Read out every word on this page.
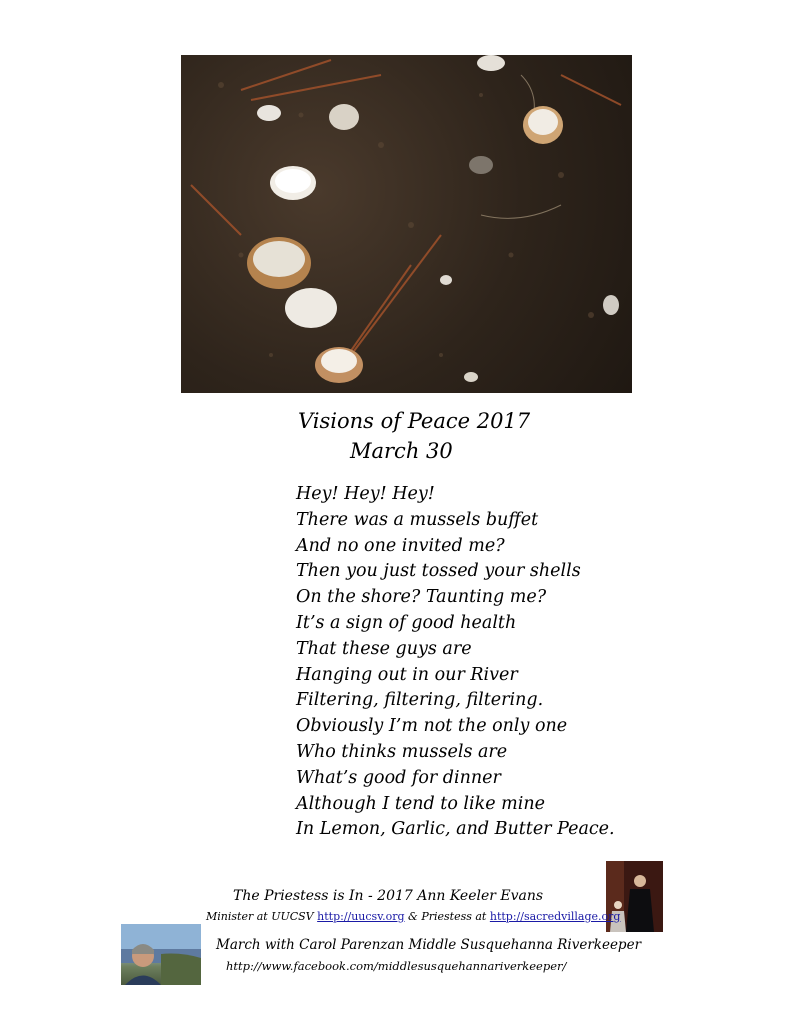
Visions of Peace 2017
March 30
Hey! Hey! Hey!
There was a mussels buffet
And no one invited me?
Then you just tossed your shells
On the shore? Taunting me?
It’s a sign of good health
That these guys are
Hanging out in our River
Filtering, filtering, filtering.
Obviously I’m not the only one
Who thinks mussels are
What’s good for dinner
Although I tend to like mine
In Lemon, Garlic, and Butter Peace.
The Priestess is In - 2017 Ann Keeler Evans
Minister at UUCSV http://uucsv.org & Priestess at http://sacredvillage.org
March with Carol Parenzan Middle Susquehanna Riverkeeper
http://www.facebook.com/middlesusquehannariverkeeper/
